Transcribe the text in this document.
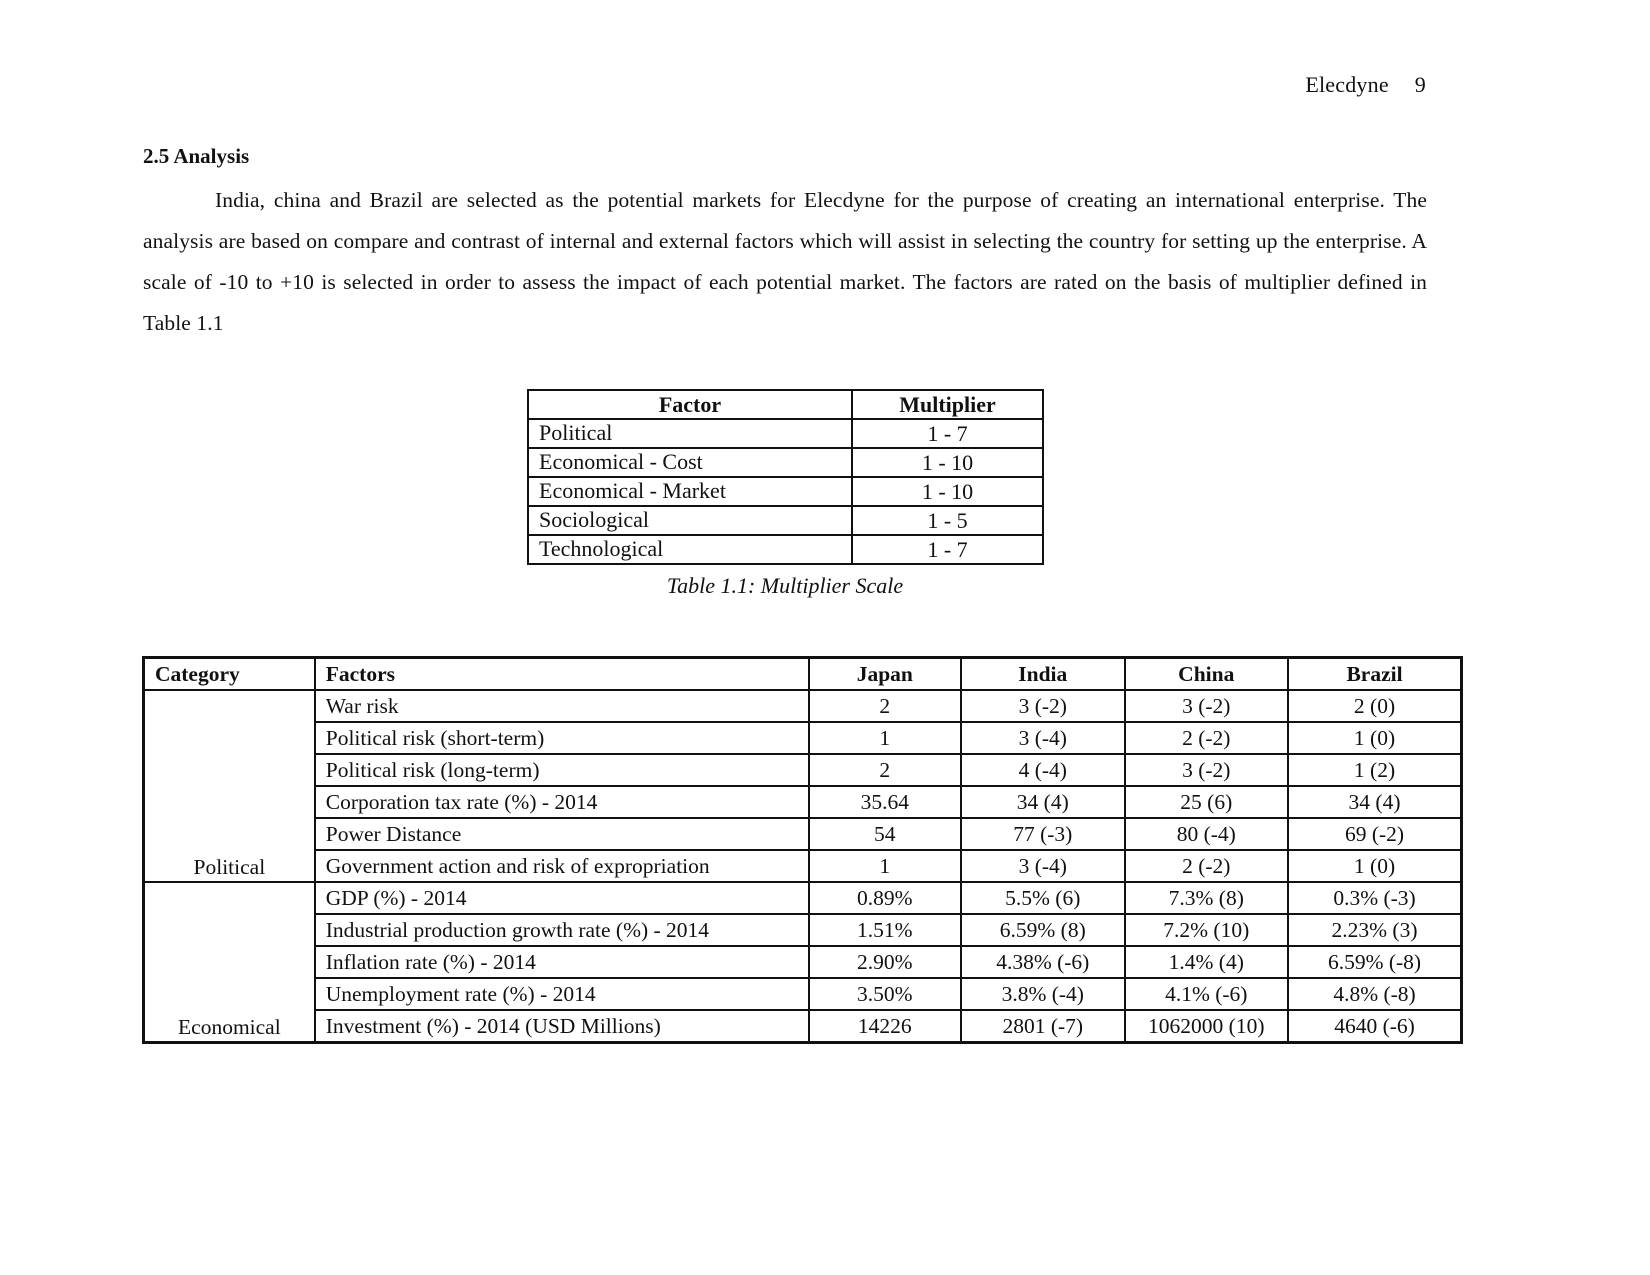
Elecdyne 9
2.5 Analysis

India, china and Brazil are selected as the potential markets for Elecdyne for the purpose of creating an international enterprise. The analysis are based on compare and contrast of internal and external factors which will assist in selecting the country for setting up the enterprise. A scale of -10 to +10 is selected in order to assess the impact of each potential market. The factors are rated on the basis of multiplier defined in Table 1.1

Factor	Multiplier
Political	1 - 7
Economical - Cost	1 - 10
Economical - Market	1 - 10
Sociological	1 - 5
Technological	1 - 7
Table 1.1: Multiplier Scale
Category	Factors	Japan	India	China	Brazil
Political	War risk	2	3 (-2)	3 (-2)	2 (0)
	Political risk (short-term)	1	3 (-4)	2 (-2)	1 (0)
	Political risk (long-term)	2	4 (-4)	3 (-2)	1 (2)
	Corporation tax rate (%) - 2014	35.64	34 (4)	25 (6)	34 (4)
	Power Distance	54	77 (-3)	80 (-4)	69 (-2)
	Government action and risk of expropriation	1	3 (-4)	2 (-2)	1 (0)
Economical	GDP (%) - 2014	0.89%	5.5% (6)	7.3% (8)	0.3% (-3)
	Industrial production growth rate (%) - 2014	1.51%	6.59% (8)	7.2% (10)	2.23% (3)
	Inflation rate (%) - 2014	2.90%	4.38% (-6)	1.4% (4)	6.59% (-8)
	Unemployment rate (%) - 2014	3.50%	3.8% (-4)	4.1% (-6)	4.8% (-8)
	Investment (%) - 2014 (USD Millions)	14226	2801 (-7)	1062000 (10)	4640 (-6)
